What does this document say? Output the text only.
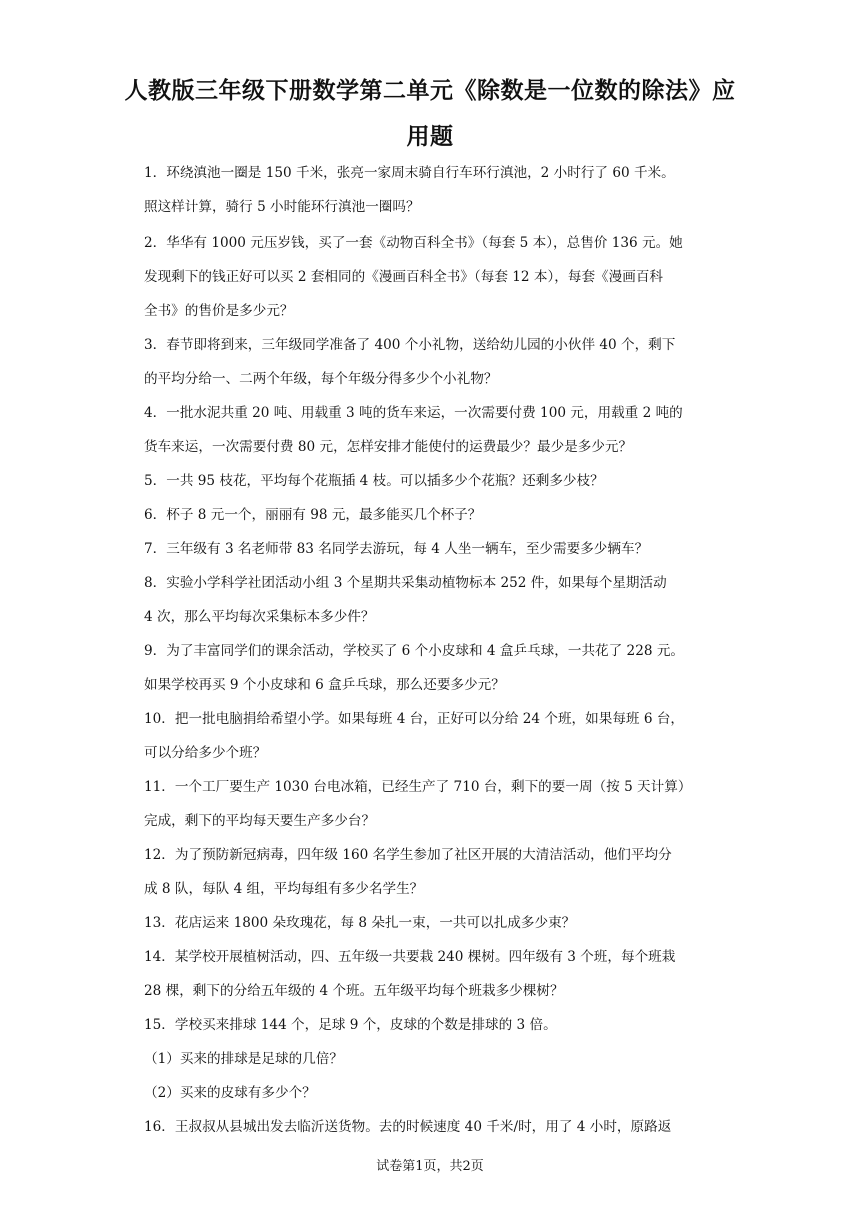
人教版三年级下册数学第二单元《除数是一位数的除法》应
用题
1．环绕滇池一圈是 150 千米，张亮一家周末骑自行车环行滇池，2 小时行了 60 千米。
照这样计算，骑行 5 小时能环行滇池一圈吗？
2．华华有 1000 元压岁钱，买了一套《动物百科全书》（每套 5 本），总售价 136 元。她
发现剩下的钱正好可以买 2 套相同的《漫画百科全书》（每套 12 本），每套《漫画百科
全书》的售价是多少元？
3．春节即将到来，三年级同学准备了 400 个小礼物，送给幼儿园的小伙伴 40 个，剩下
的平均分给一、二两个年级，每个年级分得多少个小礼物？
4．一批水泥共重 20 吨、用载重 3 吨的货车来运，一次需要付费 100 元，用载重 2 吨的
货车来运，一次需要付费 80 元，怎样安排才能使付的运费最少？最少是多少元？
5．一共 95 枝花，平均每个花瓶插 4 枝。可以插多少个花瓶？还剩多少枝？
6．杯子 8 元一个，丽丽有 98 元，最多能买几个杯子？
7．三年级有 3 名老师带 83 名同学去游玩，每 4 人坐一辆车，至少需要多少辆车？
8．实验小学科学社团活动小组 3 个星期共采集动植物标本 252 件，如果每个星期活动
4 次，那么平均每次采集标本多少件？
9．为了丰富同学们的课余活动，学校买了 6 个小皮球和 4 盒乒乓球，一共花了 228 元。
如果学校再买 9 个小皮球和 6 盒乒乓球，那么还要多少元？
10．把一批电脑捐给希望小学。如果每班 4 台，正好可以分给 24 个班，如果每班 6 台，
可以分给多少个班？
11．一个工厂要生产 1030 台电冰箱，已经生产了 710 台，剩下的要一周（按 5 天计算）
完成，剩下的平均每天要生产多少台？
12．为了预防新冠病毒，四年级 160 名学生参加了社区开展的大清洁活动，他们平均分
成 8 队，每队 4 组，平均每组有多少名学生？
13．花店运来 1800 朵玫瑰花，每 8 朵扎一束，一共可以扎成多少束？
14．某学校开展植树活动，四、五年级一共要栽 240 棵树。四年级有 3 个班，每个班栽
28 棵，剩下的分给五年级的 4 个班。五年级平均每个班栽多少棵树？
15．学校买来排球 144 个，足球 9 个，皮球的个数是排球的 3 倍。
（1）买来的排球是足球的几倍？
（2）买来的皮球有多少个？
16．王叔叔从县城出发去临沂送货物。去的时候速度 40 千米/时，用了 4 小时，原路返
试卷第1页，共2页
